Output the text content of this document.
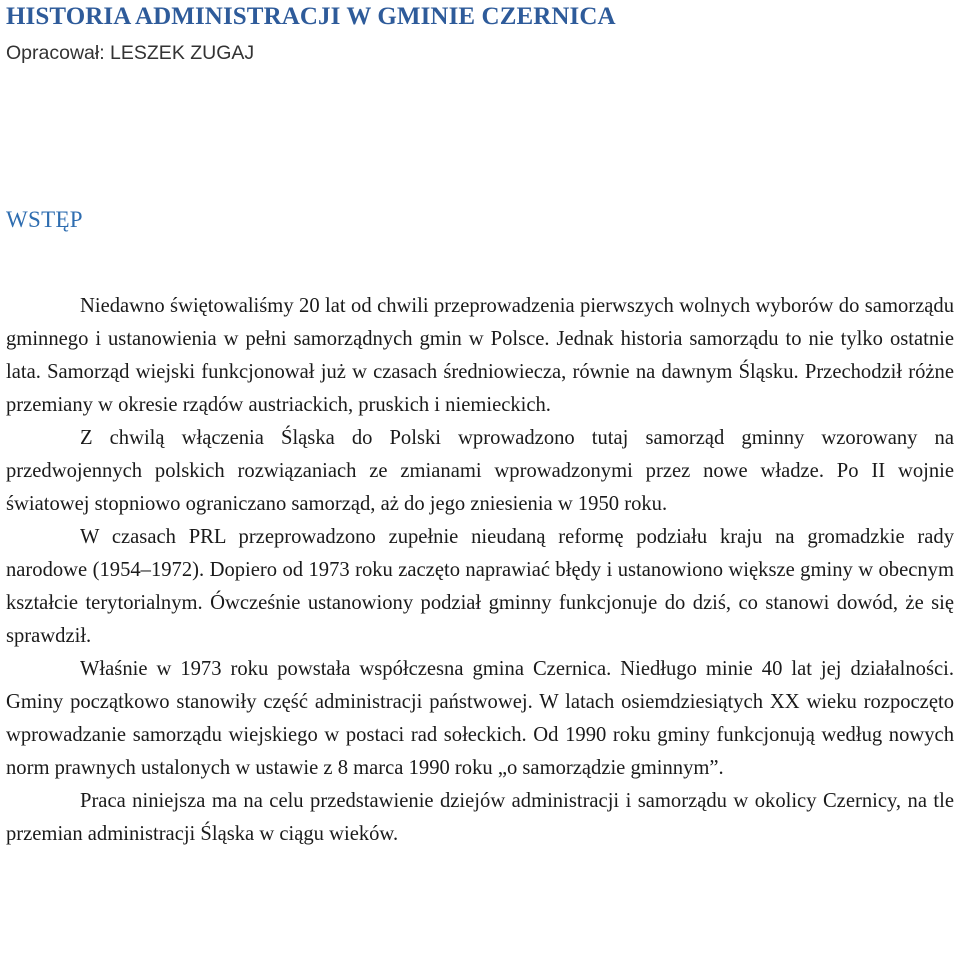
HISTORIA ADMINISTRACJI W GMINIE CZERNICA
Opracował: LESZEK ZUGAJ
WSTĘP

Niedawno świętowaliśmy 20 lat od chwili przeprowadzenia pierwszych wolnych wyborów do samorządu gminnego i ustanowienia w pełni samorządnych gmin w Polsce. Jednak historia samorządu to nie tylko ostatnie lata. Samorząd wiejski funkcjonował już w czasach średniowiecza, równie na dawnym Śląsku. Przechodził różne przemiany w okresie rządów austriackich, pruskich i niemieckich.

Z chwilą włączenia Śląska do Polski wprowadzono tutaj samorząd gminny wzorowany na przedwojennych polskich rozwiązaniach ze zmianami wprowadzonymi przez nowe władze. Po II wojnie światowej stopniowo ograniczano samorząd, aż do jego zniesienia w 1950 roku.

W czasach PRL przeprowadzono zupełnie nieudaną reformę podziału kraju na gromadzkie rady narodowe (1954–1972). Dopiero od 1973 roku zaczęto naprawiać błędy i ustanowiono większe gminy w obecnym kształcie terytorialnym. Ówcześnie ustanowiony podział gminny funkcjonuje do dziś, co stanowi dowód, że się sprawdził.

Właśnie w 1973 roku powstała współczesna gmina Czernica. Niedługo minie 40 lat jej działalności. Gminy początkowo stanowiły część administracji państwowej. W latach osiemdziesiątych XX wieku rozpoczęto wprowadzanie samorządu wiejskiego w postaci rad sołeckich. Od 1990 roku gminy funkcjonują według nowych norm prawnych ustalonych w ustawie z 8 marca 1990 roku „o samorządzie gminnym”.

Praca niniejsza ma na celu przedstawienie dziejów administracji i samorządu w okolicy Czernicy, na tle przemian administracji Śląska w ciągu wieków.
